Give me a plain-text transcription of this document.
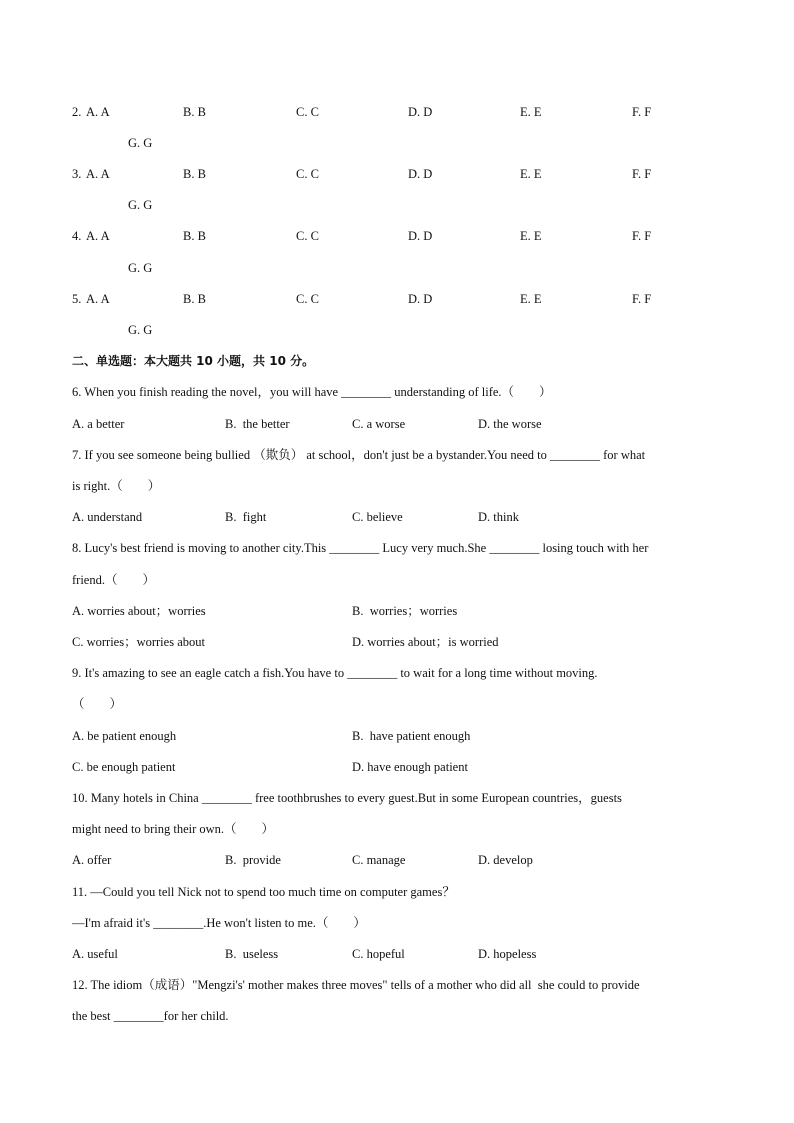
2. A. A	B. B	C. C	D. D	E. E	F. F
G. G
3. A. A	B. B	C. C	D. D	E. E	F. F
G. G
4. A. A	B. B	C. C	D. D	E. E	F. F
G. G
5. A. A	B. B	C. C	D. D	E. E	F. F
G. G
二、单选题：本大题共 10 小题，共 10 分。
6. When you finish reading the novel，you will have ________ understanding of life.（　　）
A. a better	B.  the better	C. a worse	D. the worse
7. If you see someone being bullied （欺负） at school，don't just be a bystander.You need to ________ for what
is right.（　　）
A. understand	B.  fight	C. believe	D. think
8. Lucy's best friend is moving to another city.This ________ Lucy very much.She ________ losing touch with her
friend.（　　）
A. worries about；worries	B.  worries；worries
C. worries；worries about	D. worries about；is worried
9. It's amazing to see an eagle catch a fish.You have to ________ to wait for a long time without moving.
（　　）
A. be patient enough	B.  have patient enough
C. be enough patient	D. have enough patient
10. Many hotels in China ________ free toothbrushes to every guest.But in some European countries，guests
might need to bring their own.（　　）
A. offer	B.  provide	C. manage	D. develop
11. —Could you tell Nick not to spend too much time on computer games？
—I'm afraid it's ________.He won't listen to me.（　　）
A. useful	B.  useless	C. hopeful	D. hopeless
12. The idiom（成语）"Mengzi's' mother makes three moves" tells of a mother who did all  she could to provide
the best ________for her child.
